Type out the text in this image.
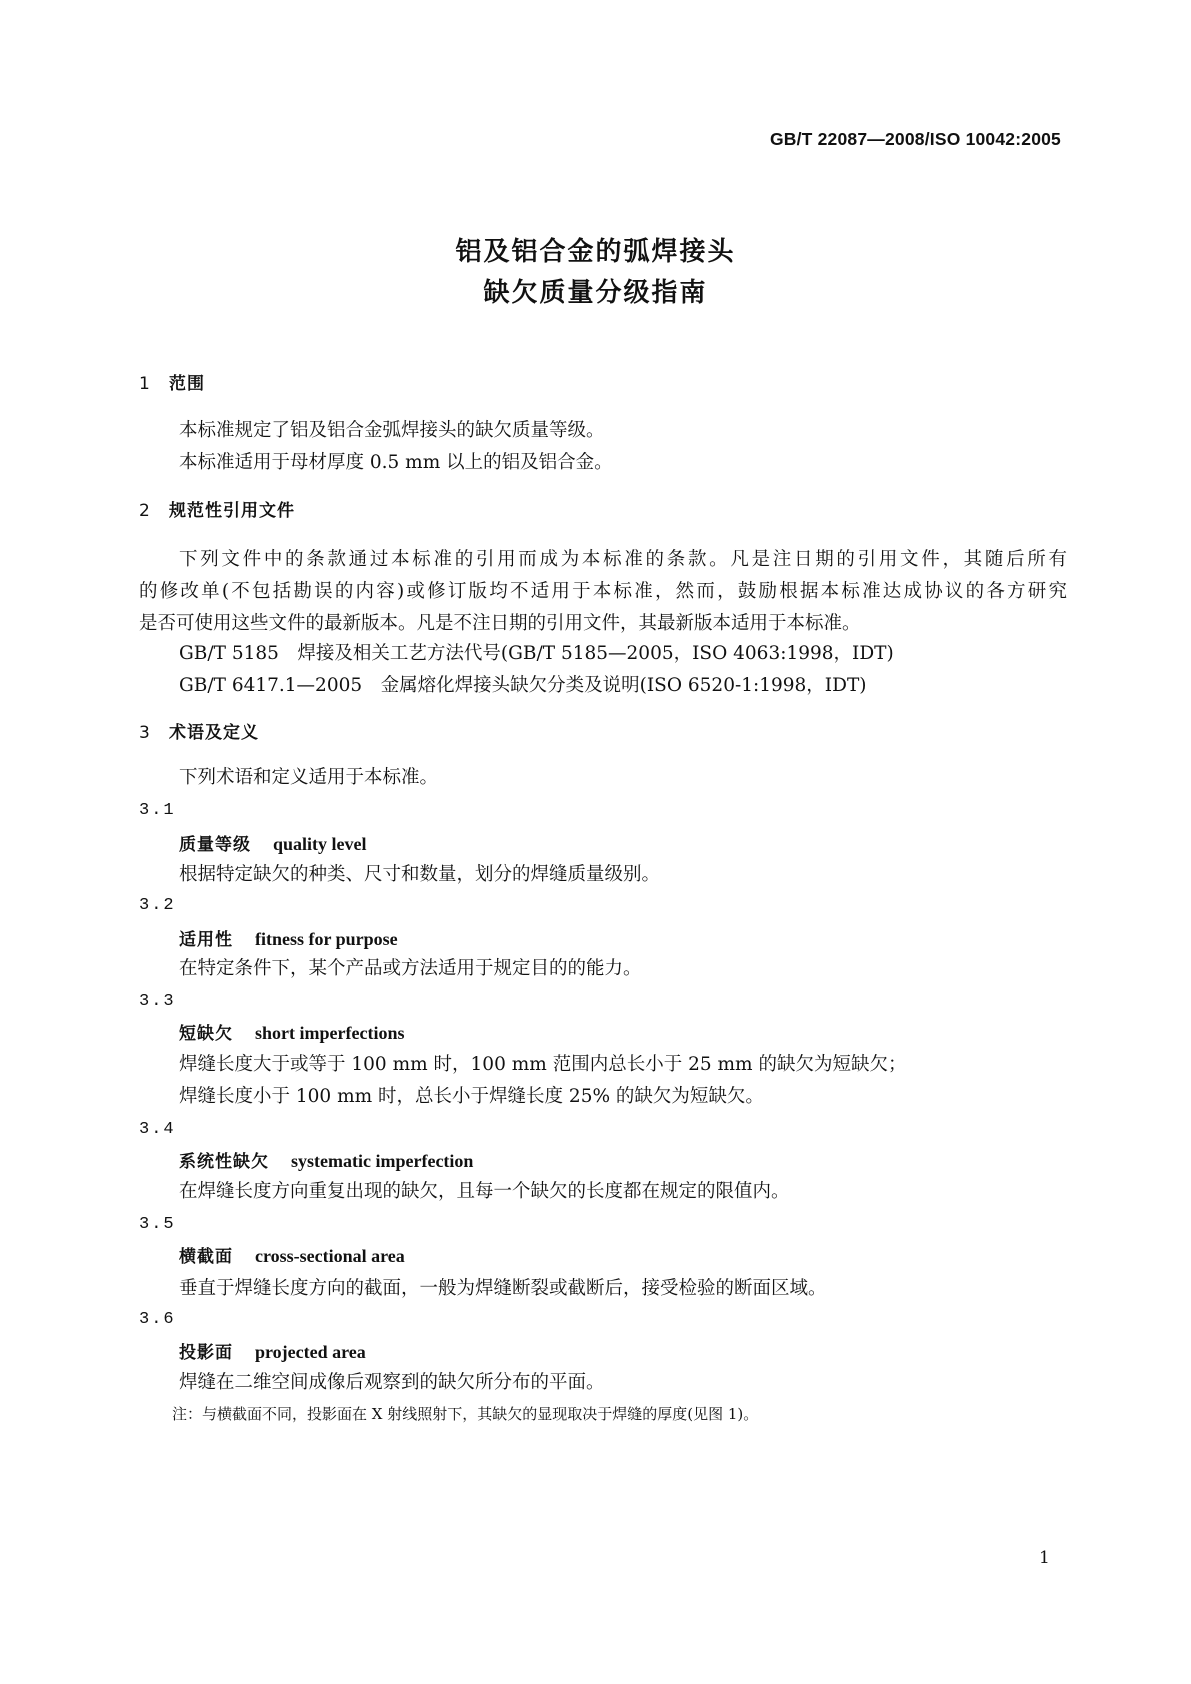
GB/T 22087—2008/ISO 10042:2005
铝及铝合金的弧焊接头
缺欠质量分级指南
1 范围
本标准规定了铝及铝合金弧焊接头的缺欠质量等级。
本标准适用于母材厚度 0.5 mm 以上的铝及铝合金。
2 规范性引用文件
下列文件中的条款通过本标准的引用而成为本标准的条款。凡是注日期的引用文件，其随后所有
的修改单(不包括勘误的内容)或修订版均不适用于本标准，然而，鼓励根据本标准达成协议的各方研究
是否可使用这些文件的最新版本。凡是不注日期的引用文件，其最新版本适用于本标准。
GB/T 5185　焊接及相关工艺方法代号(GB/T 5185—2005，ISO 4063:1998，IDT)
GB/T 6417.1—2005　金属熔化焊接头缺欠分类及说明(ISO 6520-1:1998，IDT)
3 术语及定义
下列术语和定义适用于本标准。
3.1
质量等级 quality level
根据特定缺欠的种类、尺寸和数量，划分的焊缝质量级别。
3.2
适用性 fitness for purpose
在特定条件下，某个产品或方法适用于规定目的的能力。
3.3
短缺欠 short imperfections
焊缝长度大于或等于 100 mm 时，100 mm 范围内总长小于 25 mm 的缺欠为短缺欠；
焊缝长度小于 100 mm 时，总长小于焊缝长度 25% 的缺欠为短缺欠。
3.4
系统性缺欠 systematic imperfection
在焊缝长度方向重复出现的缺欠，且每一个缺欠的长度都在规定的限值内。
3.5
横截面 cross-sectional area
垂直于焊缝长度方向的截面，一般为焊缝断裂或截断后，接受检验的断面区域。
3.6
投影面 projected area
焊缝在二维空间成像后观察到的缺欠所分布的平面。
注：与横截面不同，投影面在 X 射线照射下，其缺欠的显现取决于焊缝的厚度(见图 1)。
1
